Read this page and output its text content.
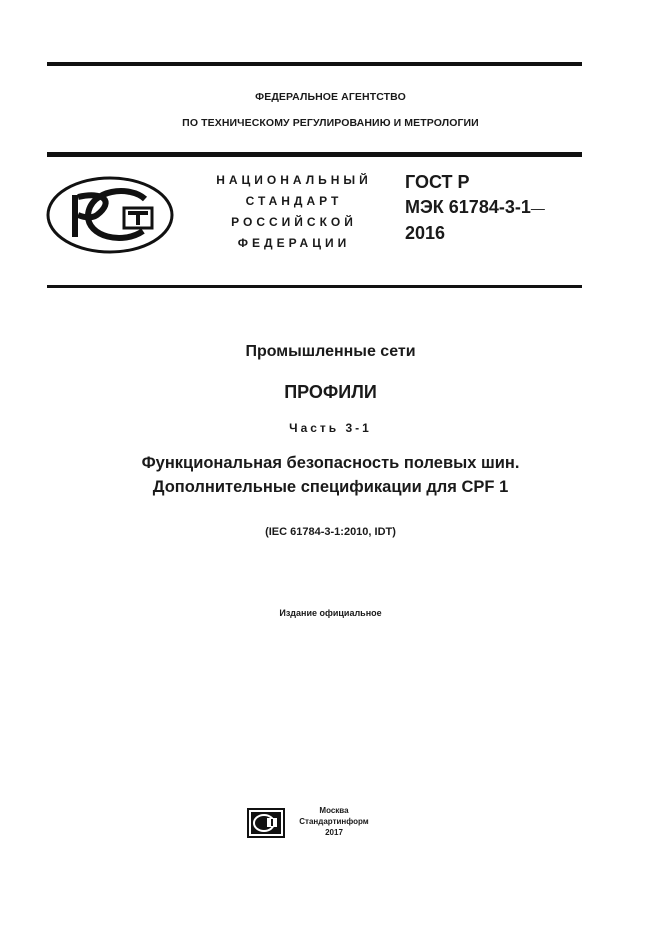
ФЕДЕРАЛЬНОЕ АГЕНТСТВО
ПО ТЕХНИЧЕСКОМУ РЕГУЛИРОВАНИЮ И МЕТРОЛОГИИ
НАЦИОНАЛЬНЫЙ
СТАНДАРТ
РОССИЙСКОЙ
ФЕДЕРАЦИИ
ГОСТ Р
МЭК 61784-3-1—
2016
Промышленные сети
ПРОФИЛИ
Часть 3-1
Функциональная безопасность полевых шин.
Дополнительные спецификации для CPF 1
(IEC 61784-3-1:2010, IDT)
Издание официальное
Москва
Стандартинформ
2017
